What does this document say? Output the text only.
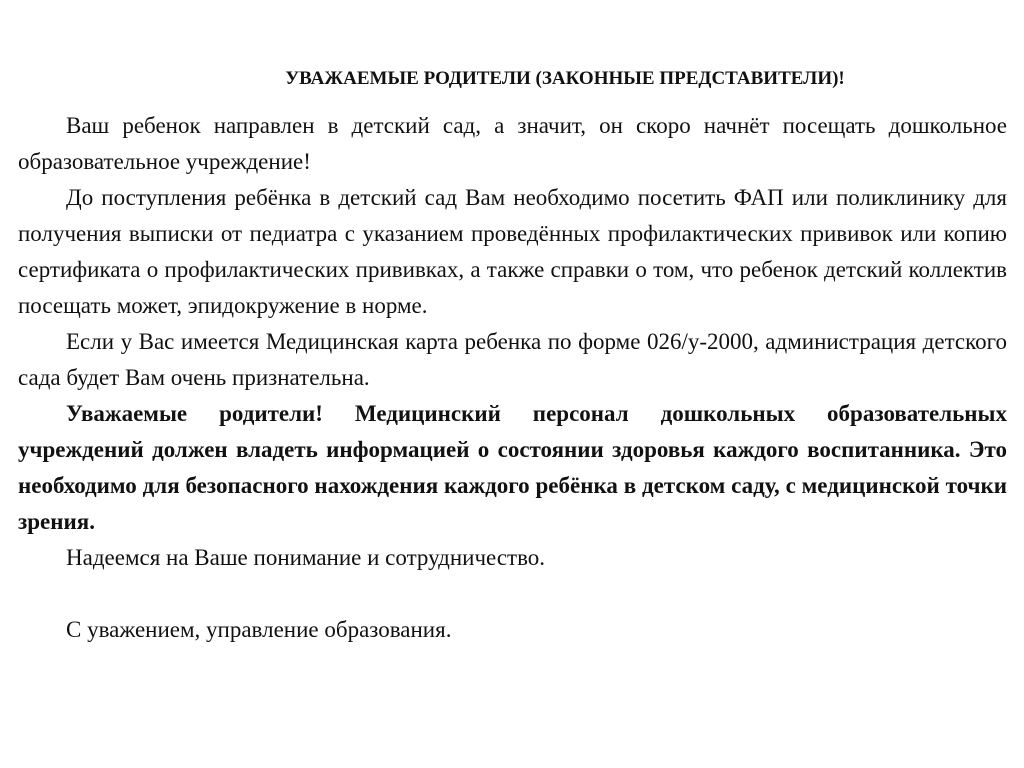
УВАЖАЕМЫЕ РОДИТЕЛИ (ЗАКОННЫЕ ПРЕДСТАВИТЕЛИ)!

Ваш ребенок направлен в детский сад, а значит, он скоро начнёт посещать дошкольное образовательное учреждение!

До поступления ребёнка в детский сад Вам необходимо посетить ФАП или поликлинику для получения выписки от педиатра с указанием проведённых профилактических прививок или копию сертификата о профилактических прививках, а также справки о том, что ребенок детский коллектив посещать может, эпидокружение в норме.

Если у Вас имеется Медицинская карта ребенка по форме 026/у-2000, администрация детского сада будет Вам очень признательна.

Уважаемые родители! Медицинский персонал дошкольных образовательных учреждений должен владеть информацией о состоянии здоровья каждого воспитанника. Это необходимо для безопасного нахождения каждого ребёнка в детском саду, с медицинской точки зрения.

Надеемся на Ваше понимание и сотрудничество.

С уважением, управление образования.
